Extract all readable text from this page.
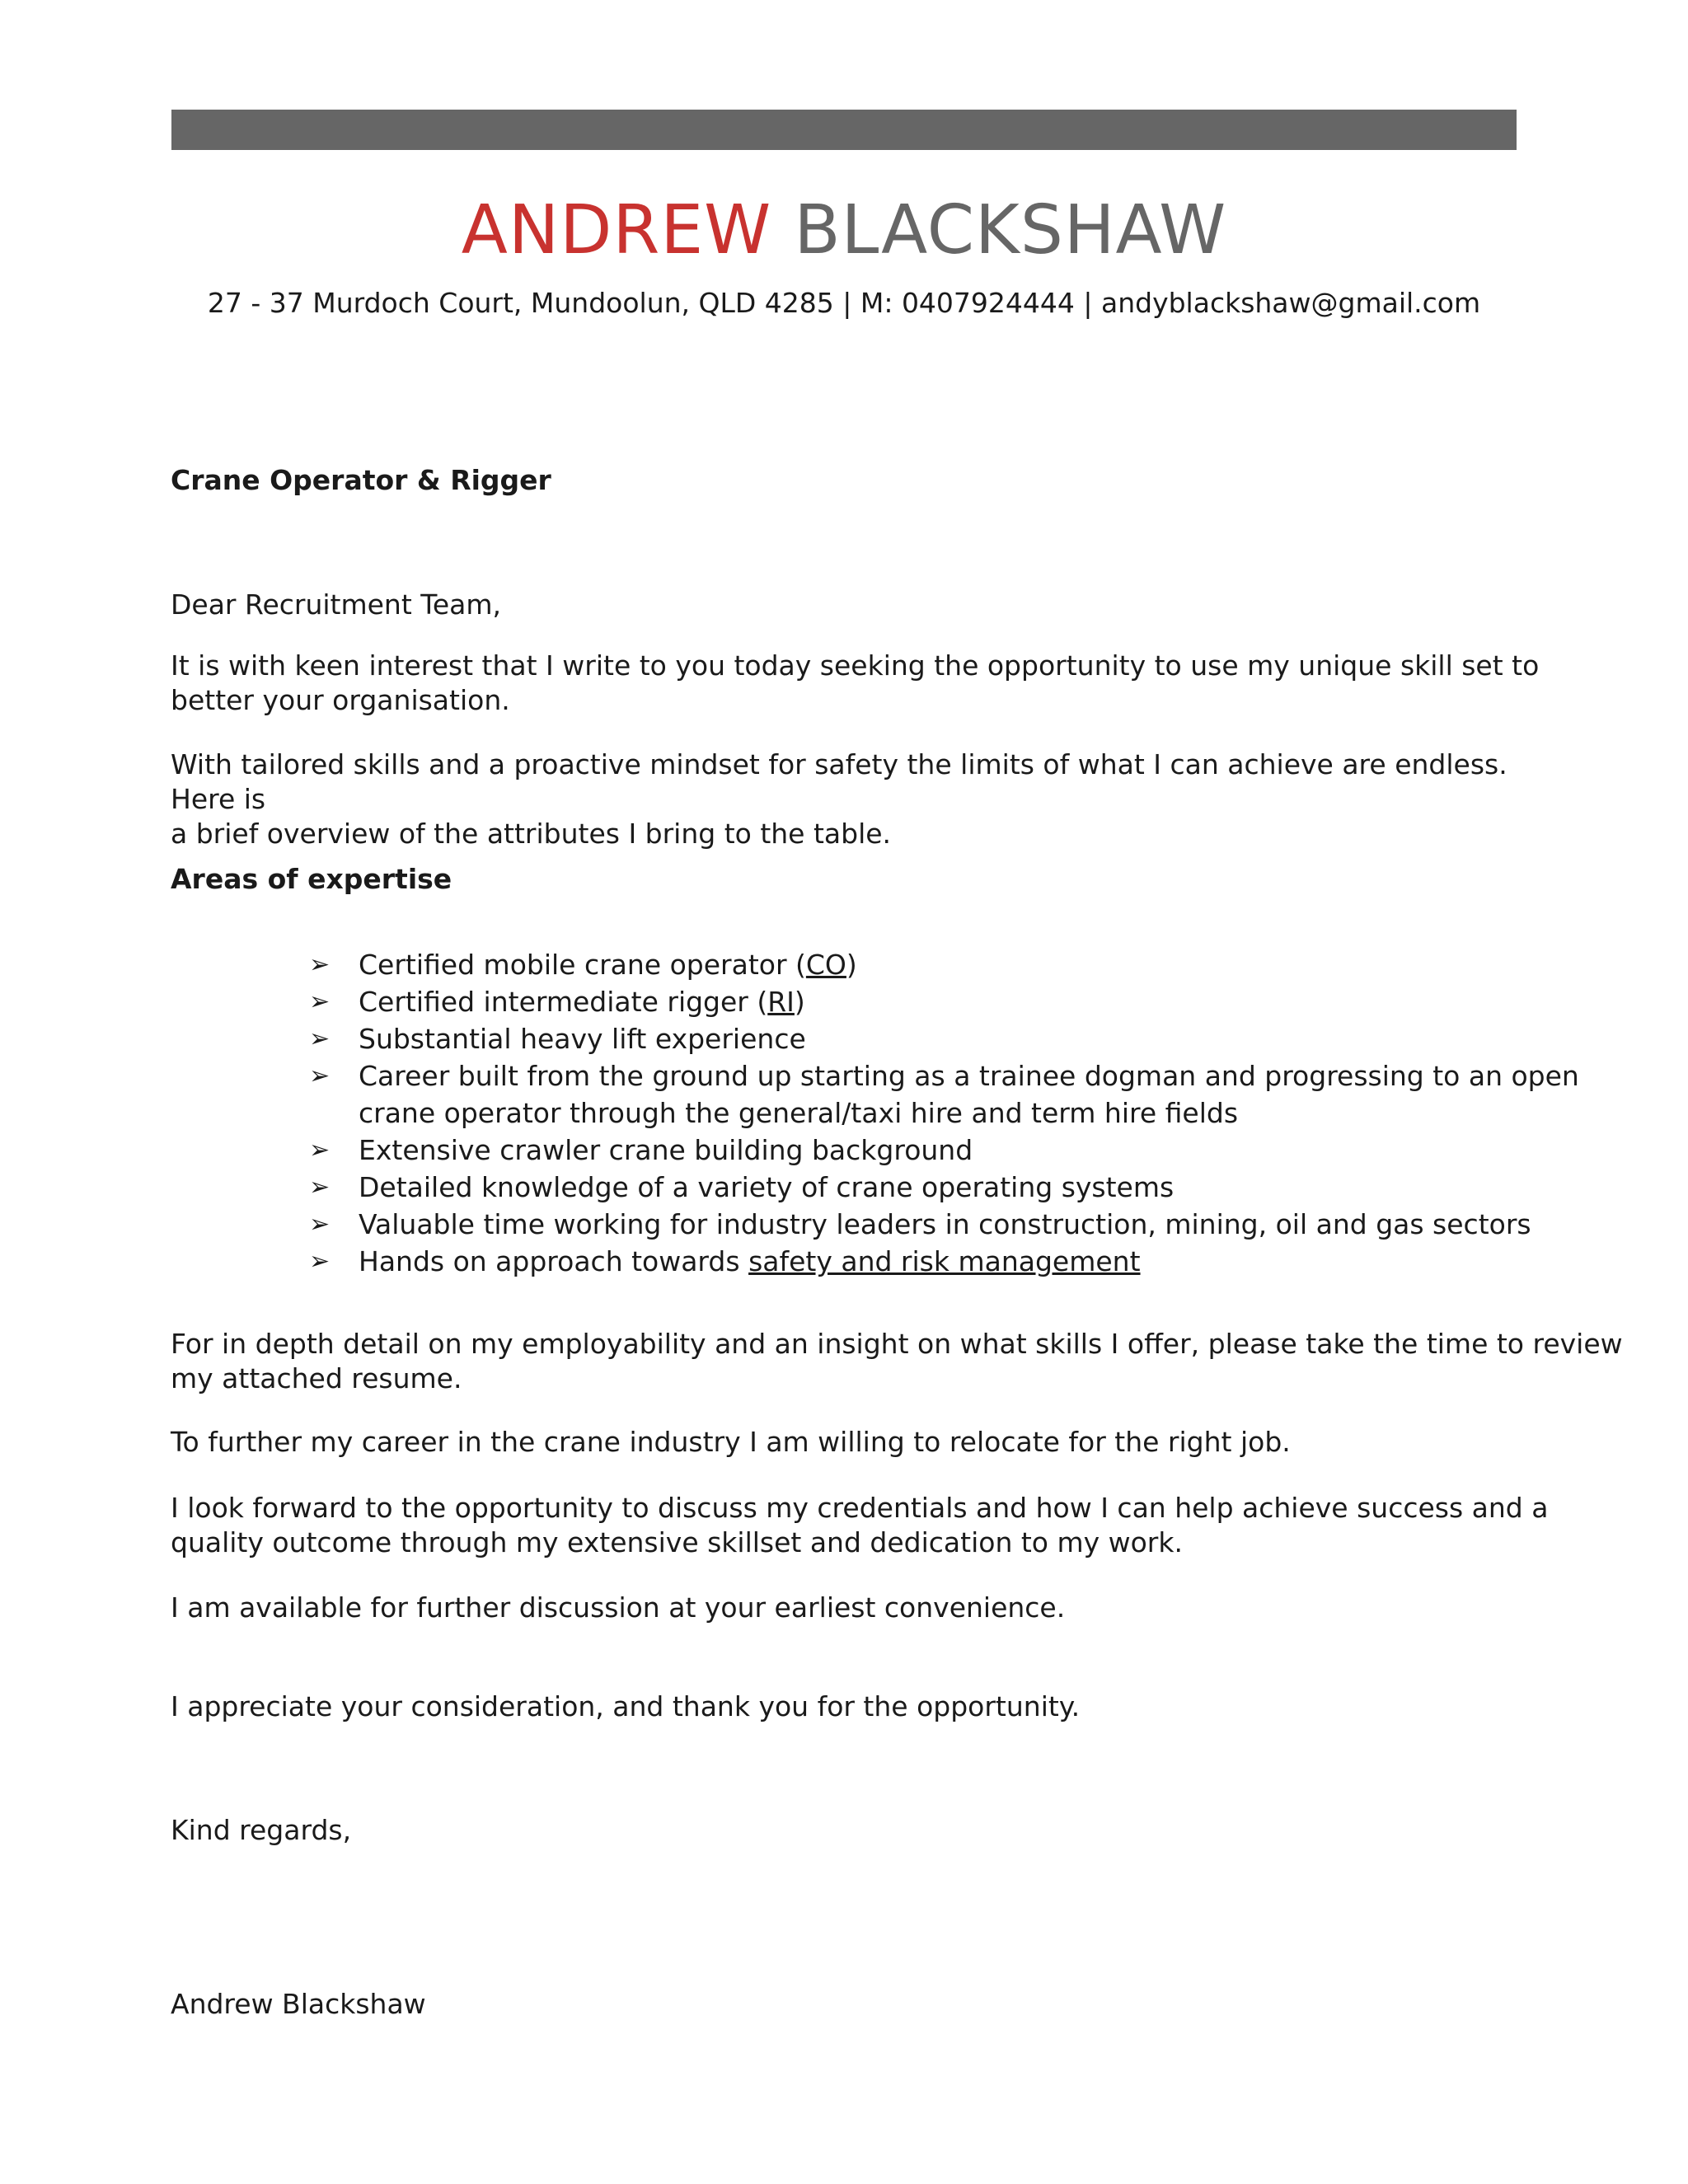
ANDREW BLACKSHAW
27 - 37 Murdoch Court, Mundoolun, QLD 4285 | M: 0407924444 | andyblackshaw@gmail.com
Crane Operator & Rigger
Dear Recruitment Team,
It is with keen interest that I write to you today seeking the opportunity to use my unique skill set to better your organisation.
With tailored skills and a proactive mindset for safety the limits of what I can achieve are endless. Here is
a brief overview of the attributes I bring to the table.
Areas of expertise
➢ Certified mobile crane operator (CO)
➢ Certified intermediate rigger (RI)
➢ Substantial heavy lift experience
➢ Career built from the ground up starting as a trainee dogman and progressing to an open crane operator through the general/taxi hire and term hire fields
➢ Extensive crawler crane building background
➢ Detailed knowledge of a variety of crane operating systems
➢ Valuable time working for industry leaders in construction, mining, oil and gas sectors
➢ Hands on approach towards safety and risk management
For in depth detail on my employability and an insight on what skills I offer, please take the time to review my attached resume.
To further my career in the crane industry I am willing to relocate for the right job.
I look forward to the opportunity to discuss my credentials and how I can help achieve success and a quality outcome through my extensive skillset and dedication to my work.
I am available for further discussion at your earliest convenience.
I appreciate your consideration, and thank you for the opportunity.
Kind regards,
Andrew Blackshaw
